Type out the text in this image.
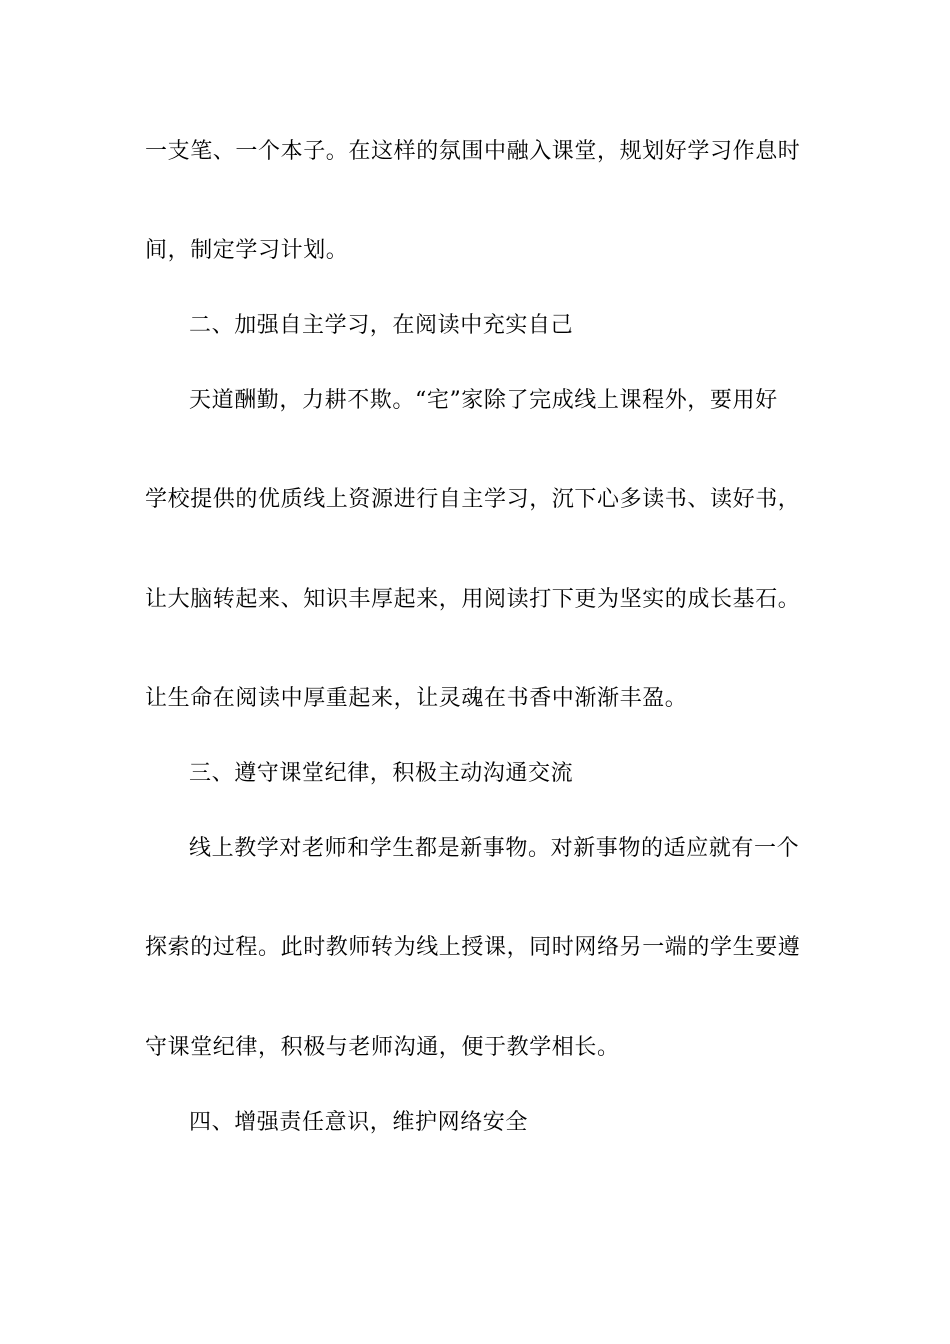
一支笔、一个本子。在这样的氛围中融入课堂，规划好学习作息时
间，制定学习计划。
二、加强自主学习，在阅读中充实自己
天道酬勤，力耕不欺。“宅”家除了完成线上课程外，要用好
学校提供的优质线上资源进行自主学习，沉下心多读书、读好书，
让大脑转起来、知识丰厚起来，用阅读打下更为坚实的成长基石。
让生命在阅读中厚重起来，让灵魂在书香中渐渐丰盈。
三、遵守课堂纪律，积极主动沟通交流
线上教学对老师和学生都是新事物。对新事物的适应就有一个
探索的过程。此时教师转为线上授课，同时网络另一端的学生要遵
守课堂纪律，积极与老师沟通，便于教学相长。
四、增强责任意识，维护网络安全
